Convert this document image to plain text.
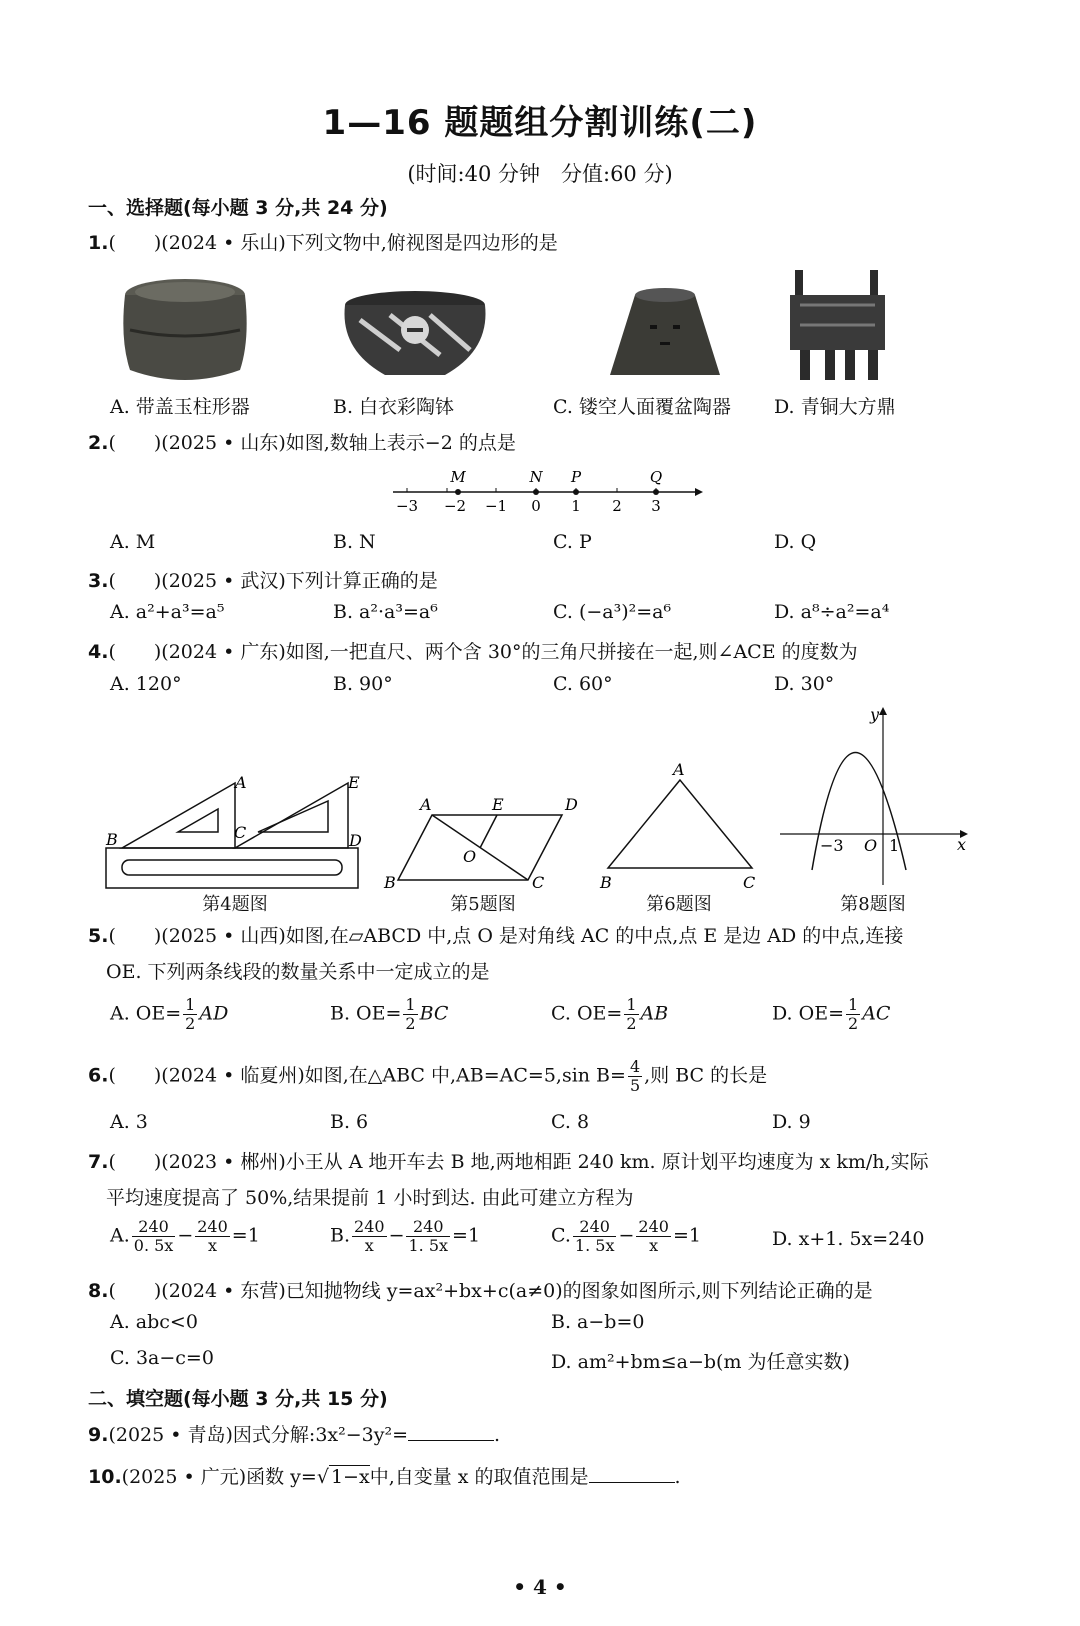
1—16 题题组分割训练(二)
(时间:40 分钟　分值:60 分)
一、选择题(每小题 3 分,共 24 分)
1.(　　)(2024 • 乐山)下列文物中,俯视图是四边形的是
A. 带盖玉柱形器	B. 白衣彩陶钵	C. 镂空人面覆盆陶器 D. 青铜大方鼎
2.(　　)(2025 • 山东)如图,数轴上表示−2 的点是
−3 −2 −1 0 1 2 3
M	N P	Q
A. M	B. N	C. P	D. Q
3.(　　)(2025 • 武汉)下列计算正确的是
A. a²+a³=a⁵	B. a²·a³=a⁶	C. (−a³)²=a⁶	D. a⁸÷a²=a⁴
4.(　　)(2024 • 广东)如图,一把直尺、两个含 30°的三角尺拼接在一起,则∠ACE 的度数为
A. 120°	B. 90°	C. 60°	D. 30°
A	E
B	C	D
A	E	D
O
B	C
A
B	C
y
x
−3 O 1
第4题图	第5题图	第6题图	第8题图
5.(　　)(2025 • 山西)如图,在▱ABCD 中,点 O 是对角线 AC 的中点,点 E 是边 AD 的中点,连接
OE. 下列两条线段的数量关系中一定成立的是
A. $OE= \frac{1}{2}$ AD	B. $OE= \frac{1}{2}$ BC	C. $OE= \frac{1}{2}$ AB	D. $OE= \frac{1}{2}$ AC
6.(　　)(2024 • 临夏州)如图,在△ABC 中,AB=AC=5,sin $B= \frac{4}{5}$ ,则 BC 的长是
A. 3	B. 6	C. 8	D. 9
7.(　　)(2023 • 郴州)小王从 A 地开车去 B 地,两地相距 240 km. 原计划平均速度为 x km/h,实际
平均速度提高了 50%,结果提前 1 小时到达. 由此可建立方程为
A. $\frac{240}{0. 5x} - \frac{240}{x} =1$	B. $\frac{240}{x} - \frac{240}{1. 5x} =1$	C. $\frac{240}{1. 5x} - \frac{240}{x} =1$	D. x+1. 5x=240
8.(　　)(2024 • 东营)已知抛物线 y=ax²+bx+c(a≠0)的图象如图所示,则下列结论正确的是
A. abc<0	B. a−b=0
C. 3a−c=0	D. am²+bm≤a−b(m 为任意实数)
二、填空题(每小题 3 分,共 15 分)
9.(2025 • 青岛)因式分解:3x²−3y²=	.
10.(2025 • 广元)函数 y=√ 1−x中,自变量 x 的取值范围是	.
• 4 •
